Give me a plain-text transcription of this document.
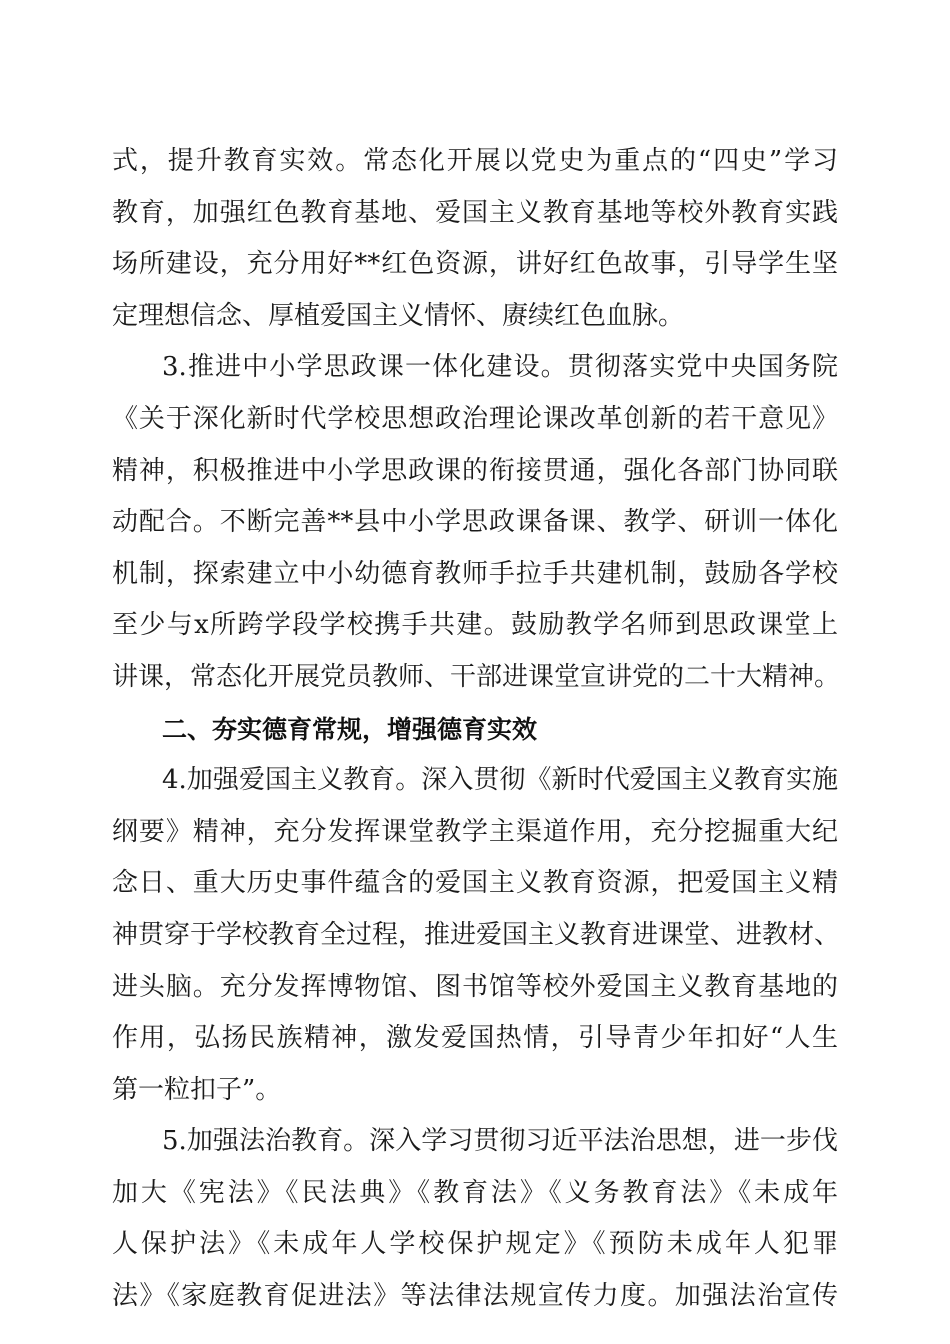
式，提升教育实效。常态化开展以党史为重点的“四史”学习
教育，加强红色教育基地、爱国主义教育基地等校外教育实践
场所建设，充分用好**红色资源，讲好红色故事，引导学生坚
定理想信念、厚植爱国主义情怀、赓续红色血脉。
3.推进中小学思政课一体化建设。贯彻落实党中央国务院
《关于深化新时代学校思想政治理论课改革创新的若干意见》
精神，积极推进中小学思政课的衔接贯通，强化各部门协同联
动配合。不断完善**县中小学思政课备课、教学、研训一体化
机制，探索建立中小幼德育教师手拉手共建机制，鼓励各学校
至少与x所跨学段学校携手共建。鼓励教学名师到思政课堂上
讲课，常态化开展党员教师、干部进课堂宣讲党的二十大精神。
二、夯实德育常规，增强德育实效
4.加强爱国主义教育。深入贯彻《新时代爱国主义教育实施
纲要》精神，充分发挥课堂教学主渠道作用，充分挖掘重大纪
念日、重大历史事件蕴含的爱国主义教育资源，把爱国主义精
神贯穿于学校教育全过程，推进爱国主义教育进课堂、进教材、
进头脑。充分发挥博物馆、图书馆等校外爱国主义教育基地的
作用，弘扬民族精神，激发爱国热情，引导青少年扣好“人生
第一粒扣子”。
5.加强法治教育。深入学习贯彻习近平法治思想，进一步伐
加大《宪法》《民法典》《教育法》《义务教育法》《未成年
人保护法》《未成年人学校保护规定》《预防未成年人犯罪
法》《家庭教育促进法》等法律法规宣传力度。加强法治宣传
